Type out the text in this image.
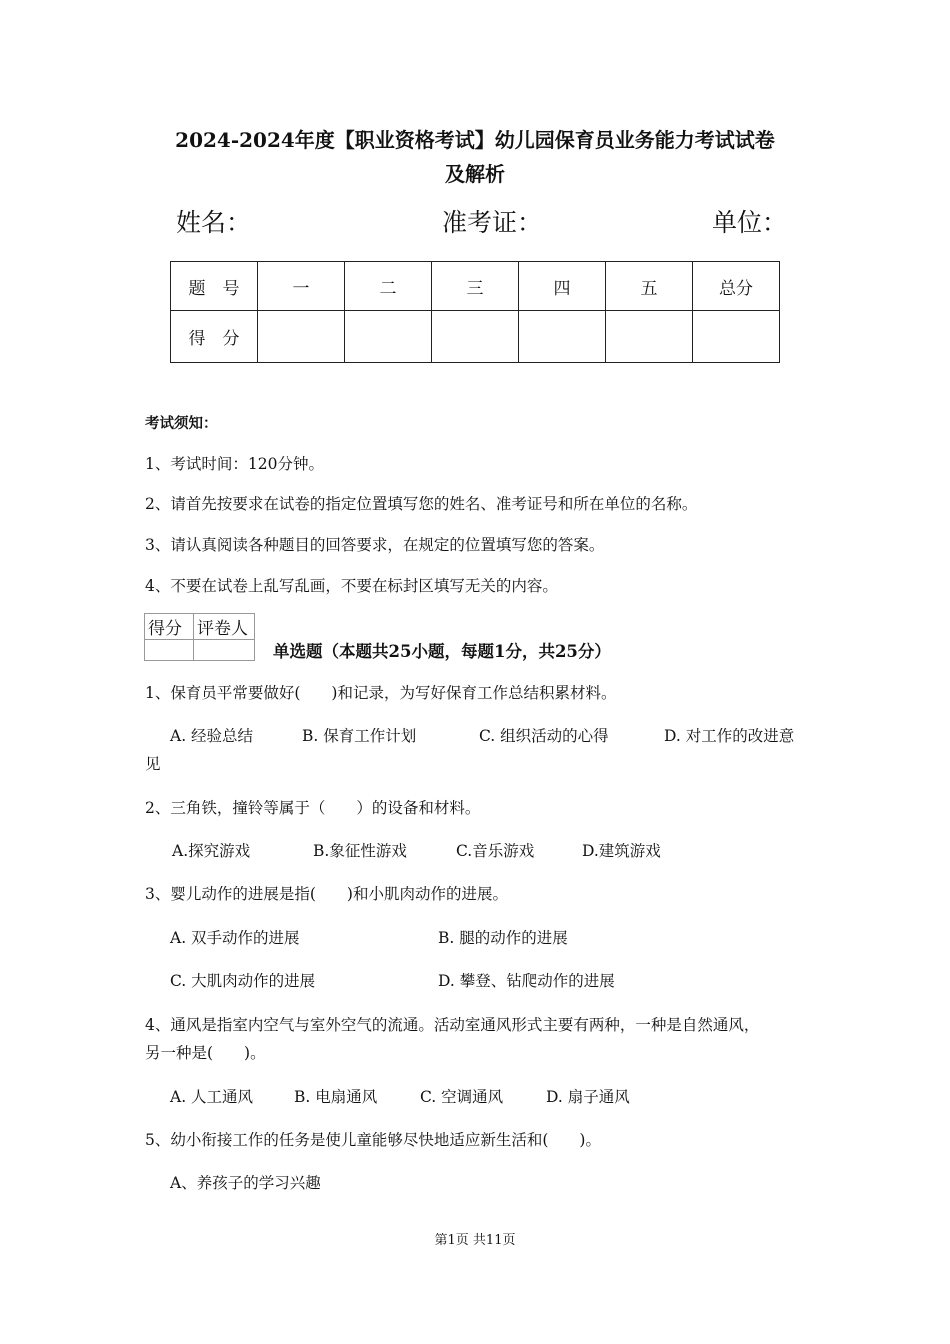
2024-2024年度【职业资格考试】幼儿园保育员业务能力考试试卷
及解析
姓名：	准考证：	单位：
题　号	一	二	三	四	五	总分
得　分						
考试须知：
1、考试时间：120分钟。
2、请首先按要求在试卷的指定位置填写您的姓名、准考证号和所在单位的名称。
3、请认真阅读各种题目的回答要求，在规定的位置填写您的答案。
4、不要在试卷上乱写乱画，不要在标封区填写无关的内容。
得分	评卷人

单选题（本题共25小题，每题1分，共25分）
1、保育员平常要做好(　　)和记录，为写好保育工作总结积累材料。
A. 经验总结	B. 保育工作计划	C. 组织活动的心得	D. 对工作的改进意
见
2、三角铁，撞铃等属于（　　）的设备和材料。
A.探究游戏	B.象征性游戏	C.音乐游戏	D.建筑游戏
3、婴儿动作的进展是指(　　)和小肌肉动作的进展。
A. 双手动作的进展	B. 腿的动作的进展
C. 大肌肉动作的进展	D. 攀登、钻爬动作的进展
4、通风是指室内空气与室外空气的流通。活动室通风形式主要有两种，一种是自然通风，
另一种是(　　)。
A. 人工通风	B. 电扇通风	C. 空调通风	D. 扇子通风
5、幼小衔接工作的任务是使儿童能够尽快地适应新生活和(　　)。
A、养孩子的学习兴趣
第1页 共11页
